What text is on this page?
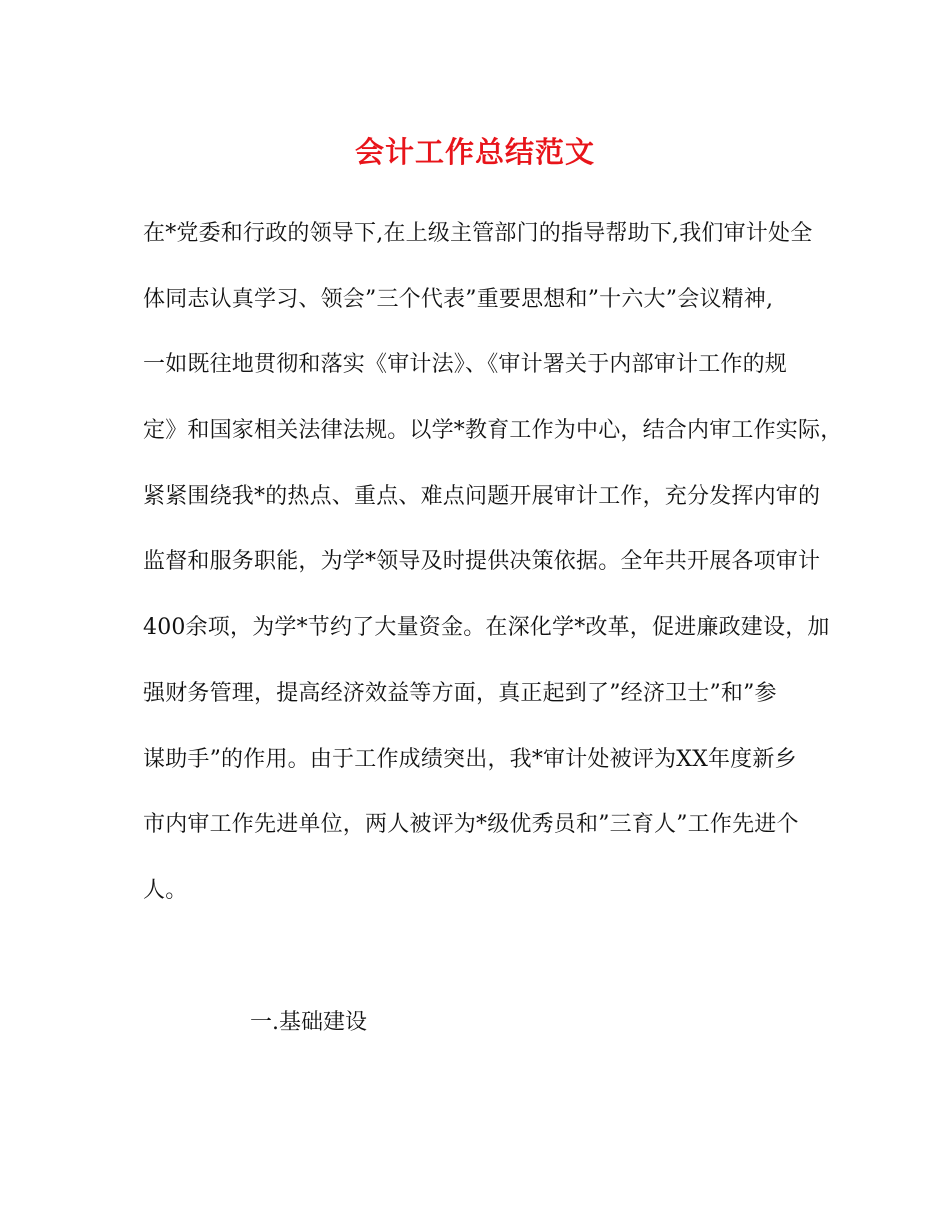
会计工作总结范文
在*党委和行政的领导下,在上级主管部门的指导帮助下,我们审计处全
体同志认真学习、领会”三个代表”重要思想和”十六大”会议精神,
一如既往地贯彻和落实《审计法》、《审计署关于内部审计工作的规
定》和国家相关法律法规。以学*教育工作为中心，结合内审工作实际，
紧紧围绕我*的热点、重点、难点问题开展审计工作，充分发挥内审的
监督和服务职能，为学*领导及时提供决策依据。全年共开展各项审计
400余项，为学*节约了大量资金。在深化学*改革，促进廉政建设，加
强财务管理，提高经济效益等方面，真正起到了”经济卫士”和”参
谋助手”的作用。由于工作成绩突出，我*审计处被评为XX年度新乡
市内审工作先进单位，两人被评为*级优秀员和”三育人”工作先进个
人。
一.基础建设
